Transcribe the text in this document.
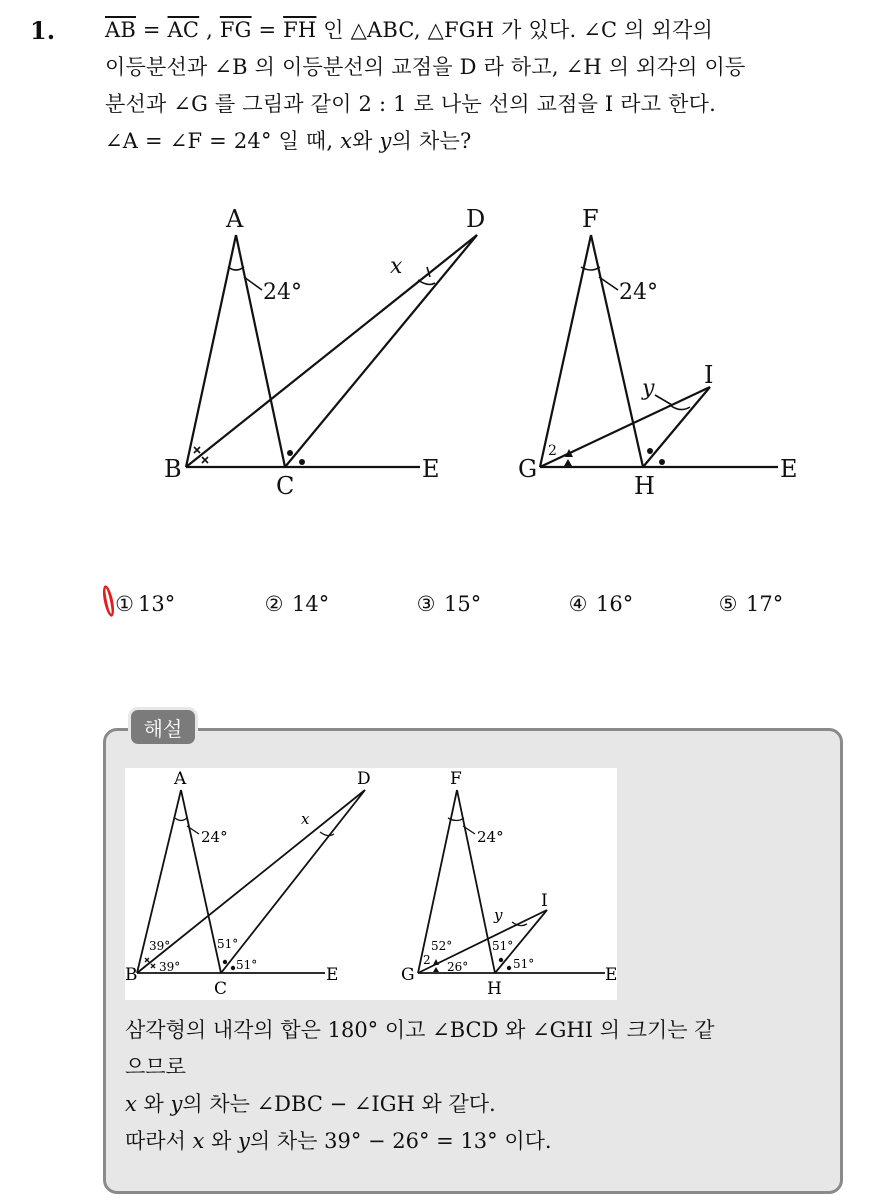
1. $\overline{AB} = \overline{AC}$ , $\overline{FG} = \overline{FH}$ 인 △ABC, △FGH 가 있다. ∠C 의 외각의
이등분선과 ∠B 의 이등분선의 교점을 D 라 하고, ∠H 의 외각의 이등
분선과 ∠G 를 그림과 같이 2 : 1 로 나눈 선의 교점을 I 라고 한다.
∠A = ∠F = 24° 일 때, x와 y의 차는?
A
B
C
D
E
F
G
H
I
E
24°	24°
x
y
2
① 13°	② 14°	③ 15°	④ 16°	⑤ 17°
해설
A
B
C
D
E
F
G
H
I
E
24°	24°
x
y
39°
39°
51°
51°
52°
2 26°
51°
51°
삼각형의 내각의 합은 180° 이고 ∠BCD 와 ∠GHI 의 크기는 같
으므로
x 와 y의 차는 ∠DBC − ∠IGH 와 같다.
따라서 x 와 y의 차는 39° − 26° = 13° 이다.
